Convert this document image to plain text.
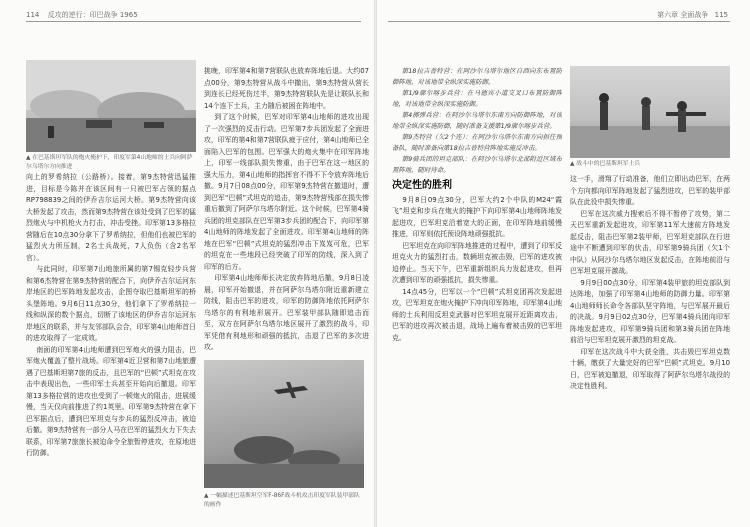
114 反攻的逆行：印巴战争 1965	第六章 全面战争 115
▲ 在巴基斯坦军队的炮火掩护下，印度军第4山地师的士兵向阿萨尔乌塔尔方向推进

向上的罗希纳拉（公路桥）。接着，第9杰特营迅猛推进，目标是今陈并在该区间有一只被巴军占领的据点RP798839之间的伊乔吉尔运河大桥。第9杰特营向该大桥发起了攻击，然而第9杰特营在该处受到了巴军的猛烈炮火与中机枪火力打击，冲击受挫。印军第13多格拉营随后在10点30分拿下了罗希纳拉，但他们也被巴军的猛烈火力所压制，2名士兵战死，7人负伤（含2名军官）。

与此同时，印军第7山地旅所属的第7锡克轻步兵营和第6杰特营在第9杰特营的配合下，向伊乔吉尔运河东岸地区的巴军阵地发起攻击，企图夺取巴基斯坦军的桥头堡阵地。9月6日11点30分，他们拿下了罗希纳拉一线和纵深的数个据点，切断了该地区的伊乔吉尔运河东岸地区的联系，并与友邻部队会合，印军第4山地师首日的进攻取得了一定成效。

南面的印军第4山地师遭到巴军炮火的强力阻击，巴军炮火覆盖了整片战场。印军第4近卫营和第7山地旅遭遇了巴基斯坦第7旅的反击，且巴军的“巴顿”式坦克在攻击中表现出色，一些印军士兵甚至开始向后撤退。印军第13多格拉营的进攻也受到了一顿炮火的阻击，进展缓慢，当天仅向前推进了约1英里。印军第9杰特营在拿下巴军据点后，遭到巴军坦克与步兵的猛烈反冲击，被迫后撤。第9杰特营有一部分人马在巴军的猛烈火力下失去联系，印军第7旅旅长被迫命令全旅暂停进攻，在原地进行防御。

挑晚，印军第4和第7营联队也放弃阵地后退。大约07点00分，第9杰特营从战斗中撤出，第9杰特营从营长到连长已经死伤过半，第9杰特营联队先是让联队长和14个连下士兵，主力随后被困在阵地中。

到了这个时候，巴军对印军第4山地师的进攻出现了一次强烈的反击行动。巴军第7步兵团发起了全面进攻，印军的第4和第7营联队疲于应付，第4山地师已全面陷入巴军的包围。巴军强大的炮火集中在印军阵地上，印军一线部队损失惨重，由于巴军在这一地区的强大压力，第4山地师的指挥官不得不下令放弃阵地后撤。9月7日08点00分，印军第9杰特营在撤退时，遭到巴军“巴顿”式坦克的追击，第9杰特营残部在损失惨重后撤到了阿萨尔乌塔尔附近。这个时候，巴军第4骑兵团的坦克部队在巴军第3步兵团的配合下，向印军第4山地师的阵地发起了全面进攻。印军第4山地师的阵地在巴军“巴顿”式坦克的猛烈冲击下岌岌可危，巴军的坦克在一些地段已经突破了印军的防线，深入到了印军的后方。

印军第4山地师师长决定放弃阵地后撤，9月8日凌晨，印军开始撤退，并在阿萨尔乌塔尔附近重新建立防线，阻击巴军的进攻，印军的防御阵地依托阿萨尔乌塔尔的有利地形展开。巴军装甲部队随即追击而至，双方在阿萨尔乌塔尔地区展开了激烈的战斗，印军凭借有利地形和顽强的抵抗，击退了巴军的多次进攻。

▲ 一幅描述巴基斯坦空军F-86F战斗机攻击印度军队装甲部队的画作

第18拉吉普特营：在阿沙尔乌塔尔地区自西向东布置防御阵地，对该地带全纵深实施防御。

第1/9廓尔喀步兵营：在马德宾小道交叉口布置防御阵地，对该地带全纵深实施防御。

第4掷弹兵营：在阿沙尔乌塔尔东南方向防御阵地，对该地带全纵深实施防御，随时准备支援第1/9廓尔喀步兵营。

第9杰特营（欠2个连）：在阿沙尔乌塔尔东南方向担任预备队，随时准备向第18拉吉普特营阵地实施反冲击。

第9骑兵团的坦克部队：在阿沙尔乌塔尔北部附近区域布置阵地，随时待命。

决定性的胜利

9月8日09点30分，巴军大约2个中队的M24“霞飞”坦克和步兵在炮火的掩护下向印军第4山地师阵地发起进攻，巴军坦克沿着宽大的正面，在印军阵地前缓慢推进，印军则依托预设阵地顽强抵抗。

巴军坦克在向印军阵地推进的过程中，遭到了印军反坦克火力的猛烈打击，数辆坦克被击毁，巴军的进攻被迫停止。当天下午，巴军重新组织兵力发起进攻，但再次遭到印军的顽强抵抗，损失惨重。

14点45分，巴军以一个“巴顿”式坦克团再次发起进攻，巴军坦克在炮火掩护下冲向印军阵地，印军第4山地师的士兵利用反坦克武器对巴军坦克展开近距离攻击，巴军的进攻再次被击退，战场上遍布着被击毁的巴军坦克。

▲ 战斗中的巴基斯坦军士兵

这一手，滑翔了行动准备，他们立即出动巴军，在两个方向都向印军阵地发起了猛烈进攻，巴军的装甲部队在此役中损失惨重。

巴军在这次威力搜索后不得不暂停了攻势，第二天巴军重新发起进攻，印军第11军大速前方阵地发起反击，阻击巴军第2装甲师，巴军坦克部队在行进途中不断遭到印军的伏击，印军第9骑兵团（欠1个中队）从阿沙尔乌塔尔地区发起反击，在阵地前沿与巴军坦克展开激战。

9月9日00点30分，印军第4装甲旅的坦克部队到达阵地，加强了印军第4山地师的防御力量。印军第4山地师师长命令各部队坚守阵地，与巴军展开最后的决战。9月9日02点30分，巴军第4骑兵团向印军阵地发起进攻，印军第9骑兵团和第3骑兵团在阵地前沿与巴军坦克展开激烈的坦克战。

印军在这次战斗中大获全胜，共击毁巴军坦克数十辆，缴获了大量完好的巴军“巴顿”式坦克。9月10日，巴军被迫撤退，印军取得了阿萨尔乌塔尔战役的决定性胜利。
